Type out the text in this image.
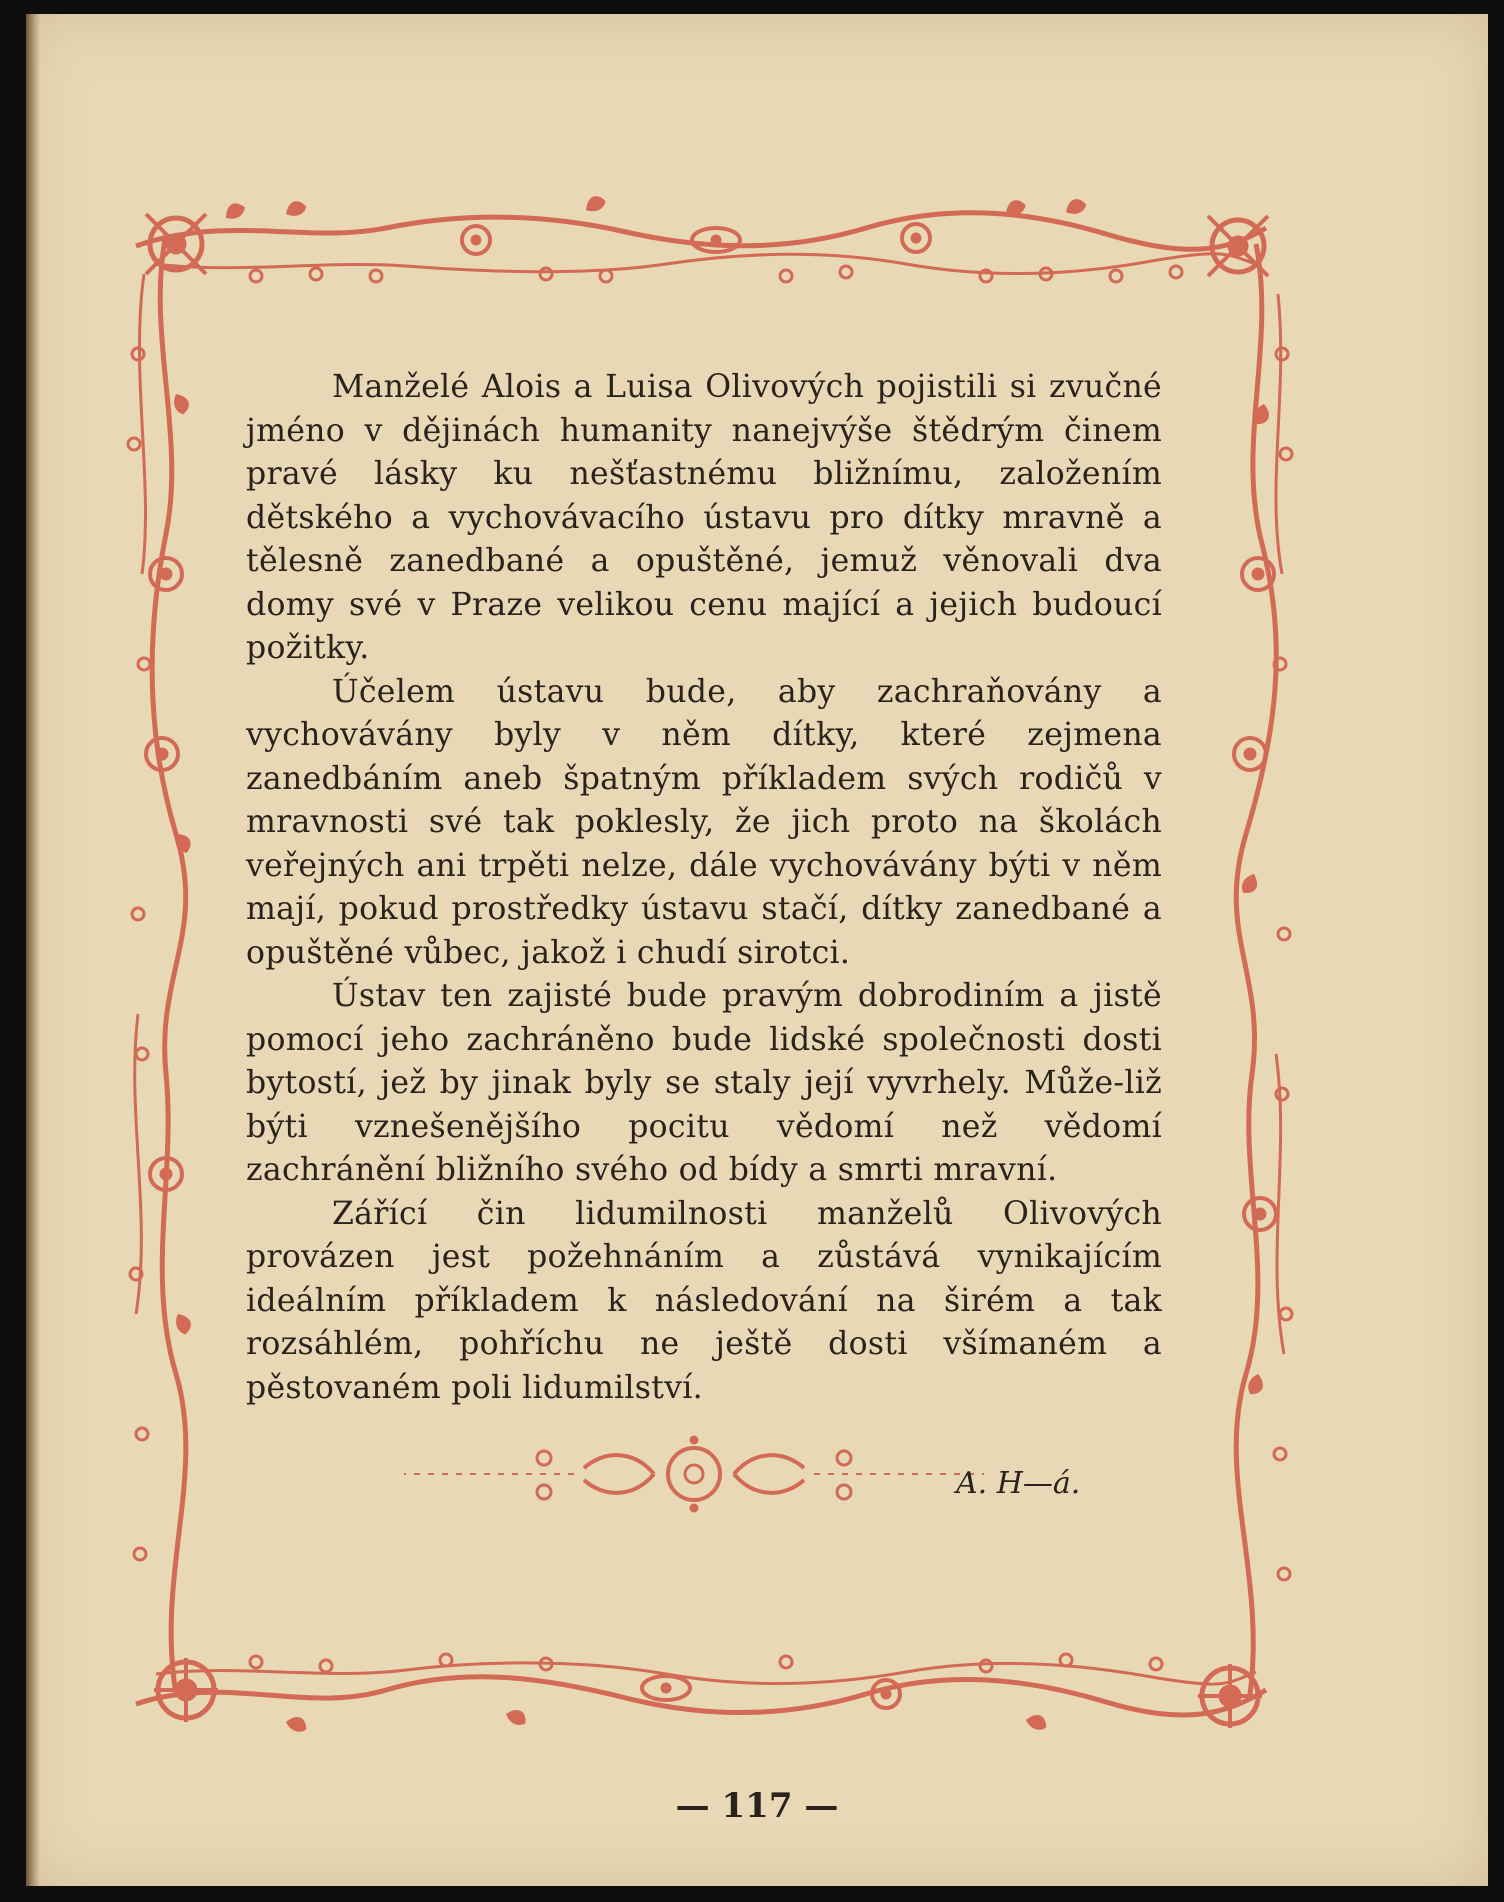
Manželé Alois a Luisa Olivových pojistili si zvučné jméno v dějinách humanity nanejvýše štědrým činem pravé lásky ku nešťastnému bližnímu, založením dětského a vychovávacího ústavu pro dítky mravně a tělesně zanedbané a opuštěné, jemuž věnovali dva domy své v Praze velikou cenu mající a jejich budoucí požitky.

Účelem ústavu bude, aby zachraňovány a vychovávány byly v něm dítky, které zejmena zanedbáním aneb špatným příkladem svých rodičů v mravnosti své tak poklesly, že jich proto na školách veřejných ani trpěti nelze, dále vychovávány býti v něm mají, pokud prostředky ústavu stačí, dítky zanedbané a opuštěné vůbec, jakož i chudí sirotci.

Ústav ten zajisté bude pravým dobrodiním a jistě pomocí jeho zachráněno bude lidské společnosti dosti bytostí, jež by jinak byly se staly její vyvrhely. Může-liž býti vznešenějšího pocitu vědomí než vědomí zachránění bližního svého od bídy a smrti mravní.

Zářící čin lidumilnosti manželů Olivových provázen jest požehnáním a zůstává vynikajícím ideálním příkladem k následování na širém a tak rozsáhlém, pohříchu ne ještě dosti všímaném a pěstovaném poli lidumilství.

A. H—á.
— 117 —
